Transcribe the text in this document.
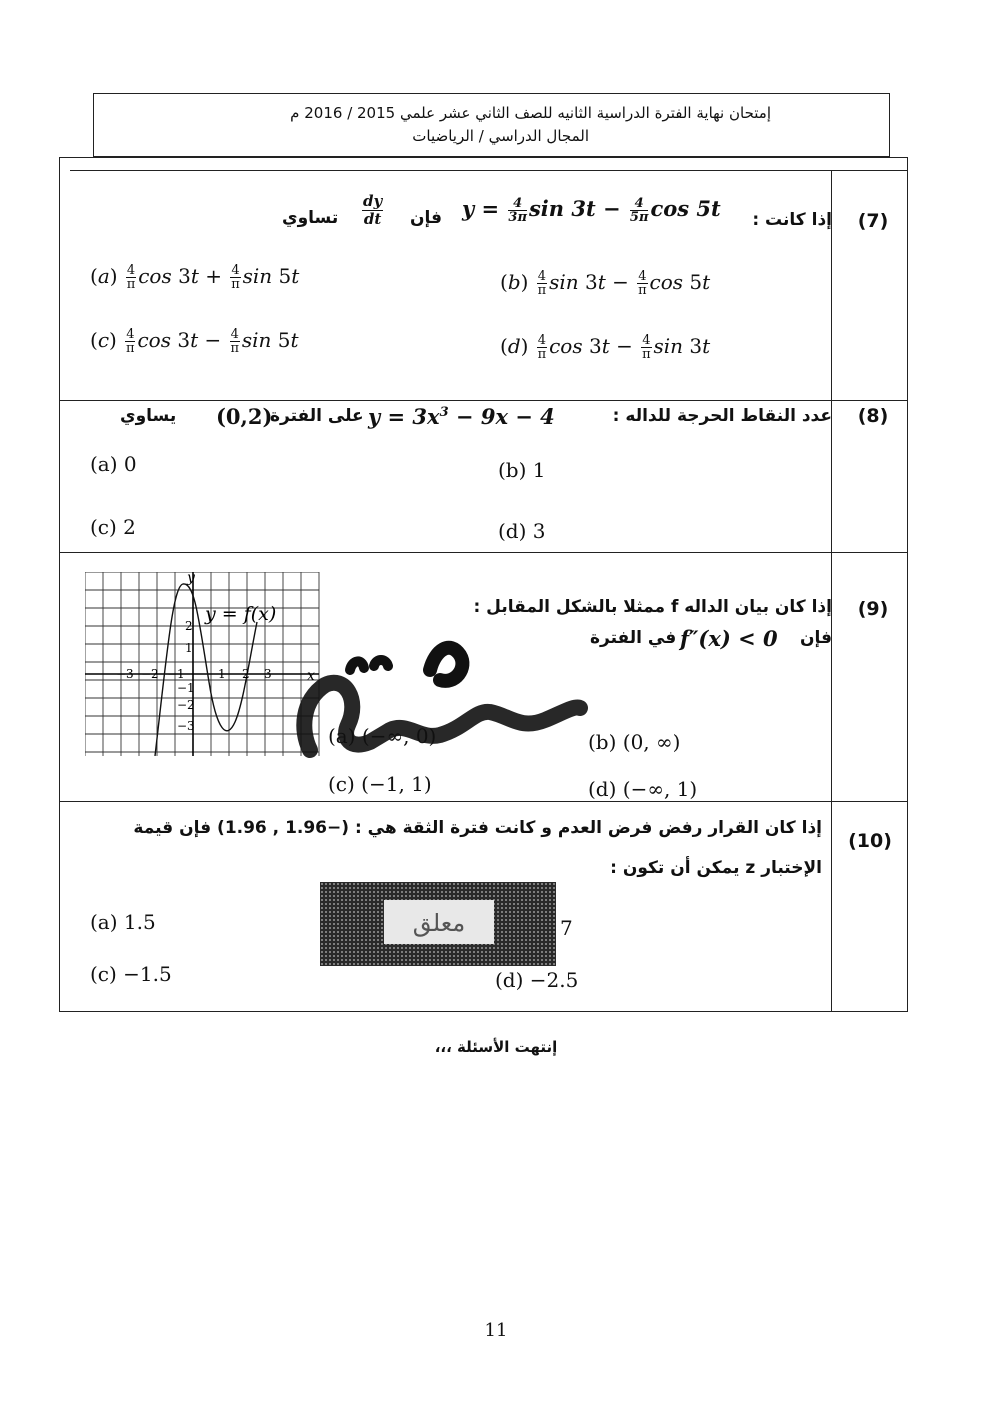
إمتحان نهاية الفترة الدراسية الثانيه للصف الثاني عشر علمي 2015 / 2016 م
المجال الدراسي / الرياضيات
(7)
إذا كانت :
$y = \frac{4}{3\pi}$ $\sin 3t - \frac{4}{5\pi}$ cos 5t
فإن
$\frac{dy}{dt}$
تساوي
$(a) \frac{4}{\pi}$ $\cos 3t + \frac{4}{\pi}$ sin 5t	$(b) \frac{4}{\pi}$ $\sin 3t - \frac{4}{\pi}$ cos 5t
$(c) \frac{4}{\pi}$ $\cos 3t - \frac{4}{\pi}$ sin 5t	$(d) \frac{4}{\pi}$ $\cos 3t - \frac{4}{\pi}$ sin 3t
(8)
عدد النقاط الحرجة للداله :
$y = 3x^3 - 9x - 4$
على الفترة
(0,2)
يساوي
(a) 0	(b) 1
(c) 2	(d) 3
(9)
إذا كان بيان الداله f ممثلا بالشكل المقابل :
فإن
f″(x) < 0
في الفترة
y
x
y = f(x)
−3 −2 −1	1 2 3
2
1
−1
−2
−3	(a) (−∞, 0)	(b) (0, ∞)
(c) (−1, 1)	(d) (−∞, 1)
(10)
إذا كان القرار رفض فرض العدم و كانت فترة الثقة هي : (−1.96 , 1.96) فإن قيمة
الإختبار z يمكن أن تكون :
(a) 1.5	7
(c) −1.5	(d) −2.5
معلق
إنتهت الأسئلة ،،،
11
